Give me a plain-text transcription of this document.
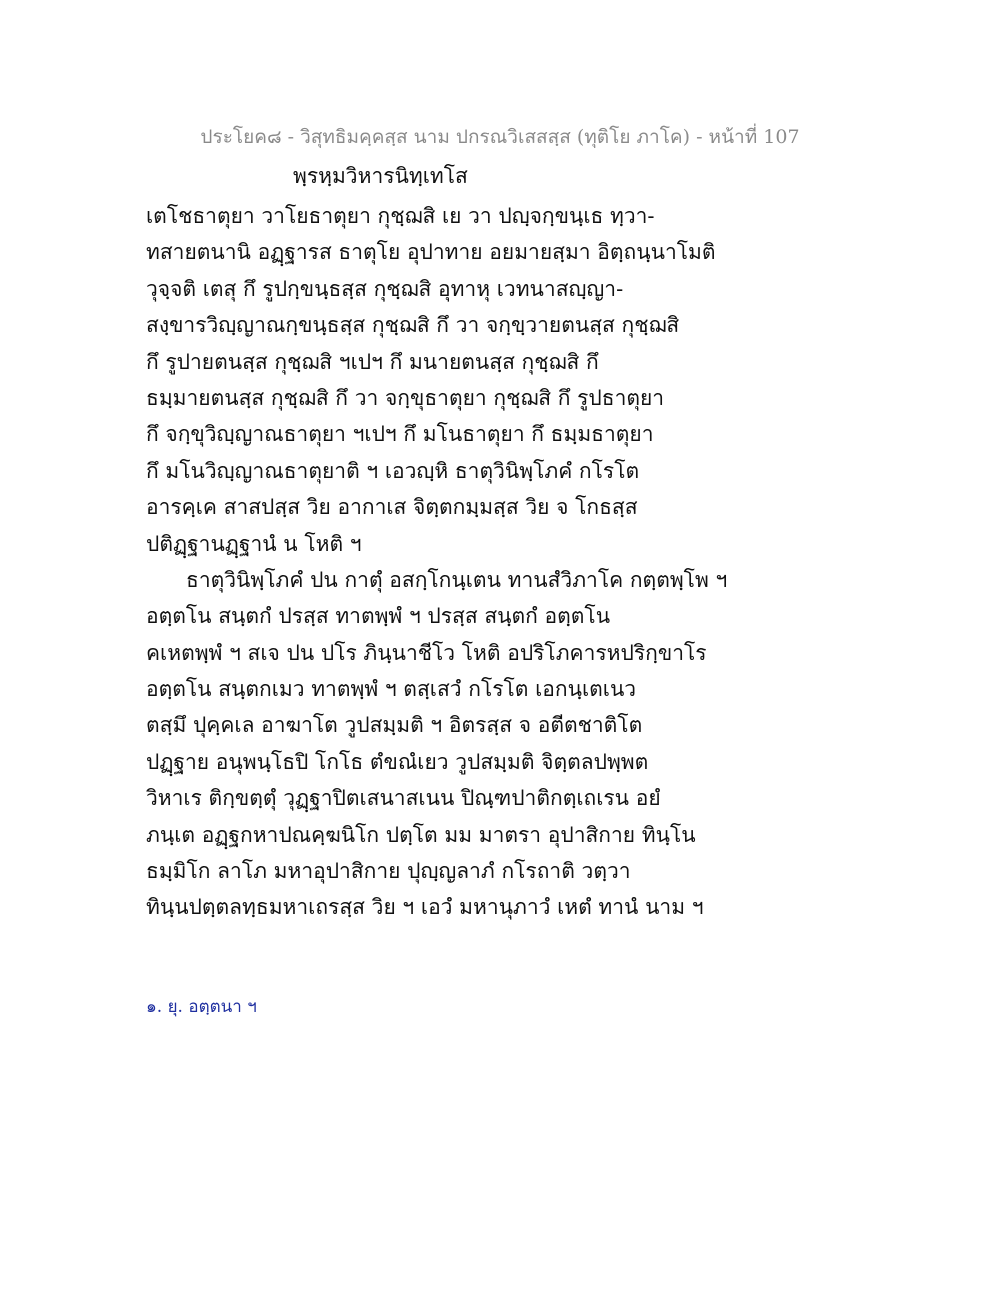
ประโยค๘ - วิสุทธิมคฺคสฺส นาม ปกรณวิเสสสฺส (ทุติโย ภาโค) - หน้าที่ 107
พฺรหฺมวิหารนิทฺเทโส
เตโชธาตุยา วาโยธาตุยา กุชฺฌสิ เย วา ปญฺจกฺขนฺเธ ทฺวา-
ทสายตนานิ อฏฺฐารส ธาตุโย อุปาทาย อยมายสฺมา อิตฺถนฺนาโมติ
วุจฺจติ เตสุ กึ รูปกฺขนฺธสฺส กุชฺฌสิ อุทาหุ เวทนาสญฺญา-
สงฺขารวิญฺญาณกฺขนฺธสฺส กุชฺฌสิ กึ วา จกฺขฺวายตนสฺส กุชฺฌสิ
กึ รูปายตนสฺส กุชฺฌสิ ฯเปฯ กึ มนายตนสฺส กุชฺฌสิ กึ
ธมฺมายตนสฺส กุชฺฌสิ กึ วา จกฺขุธาตุยา กุชฺฌสิ กึ รูปธาตุยา
กึ จกฺขุวิญฺญาณธาตุยา ฯเปฯ กึ มโนธาตุยา กึ ธมฺมธาตุยา
กึ มโนวิญฺญาณธาตุยาติ ฯ เอวญฺหิ ธาตุวินิพฺโภคํ กโรโต
อารคฺเค สาสปสฺส วิย อากาเส จิตฺตกมฺมสฺส วิย จ โกธสฺส
ปติฏฺฐานฏฺฐานํ น โหติ ฯ
ธาตุวินิพฺโภคํ ปน กาตุํ อสกฺโกนฺเตน ทานสํวิภาโค กตฺตพฺโพ ฯ
อตฺตโน สนฺตกํ ปรสฺส ทาตพฺพํ ฯ ปรสฺส สนฺตกํ อตฺตโน
คเหตพฺพํ ฯ สเจ ปน ปโร ภินฺนาชีโว โหติ อปริโภคารหปริกฺขาโร
อตฺตโน สนฺตกเมว ทาตพฺพํ ฯ ตสฺเสวํ กโรโต เอกนฺเตเนว
ตสฺมึ ปุคฺคเล อาฆาโต วูปสมฺมติ ฯ อิตรสฺส จ อตีตชาติโต
ปฏฺฐาย อนุพนฺโธปิ โกโธ ตํขณํเยว วูปสมฺมติ จิตฺตลปพฺพต
วิหาเร ติกฺขตฺตุํ วุฏฺฐาปิตเสนาสเนน ปิณฺฑปาติกตฺเถเรน อยํ
ภนฺเต อฏฺฐกหาปณคฺฆนิโก ปตฺโต มม มาตรา อุปาสิกาย ทินฺโน
ธมฺมิโก ลาโภ มหาอุปาสิกาย ปุญฺญลาภํ กโรถาติ วตฺวา
ทินฺนปตฺตลทฺธมหาเถรสฺส วิย ฯ เอวํ มหานุภาวํ เหตํ ทานํ นาม ฯ
๑. ยุ. อตฺตนา ฯ
